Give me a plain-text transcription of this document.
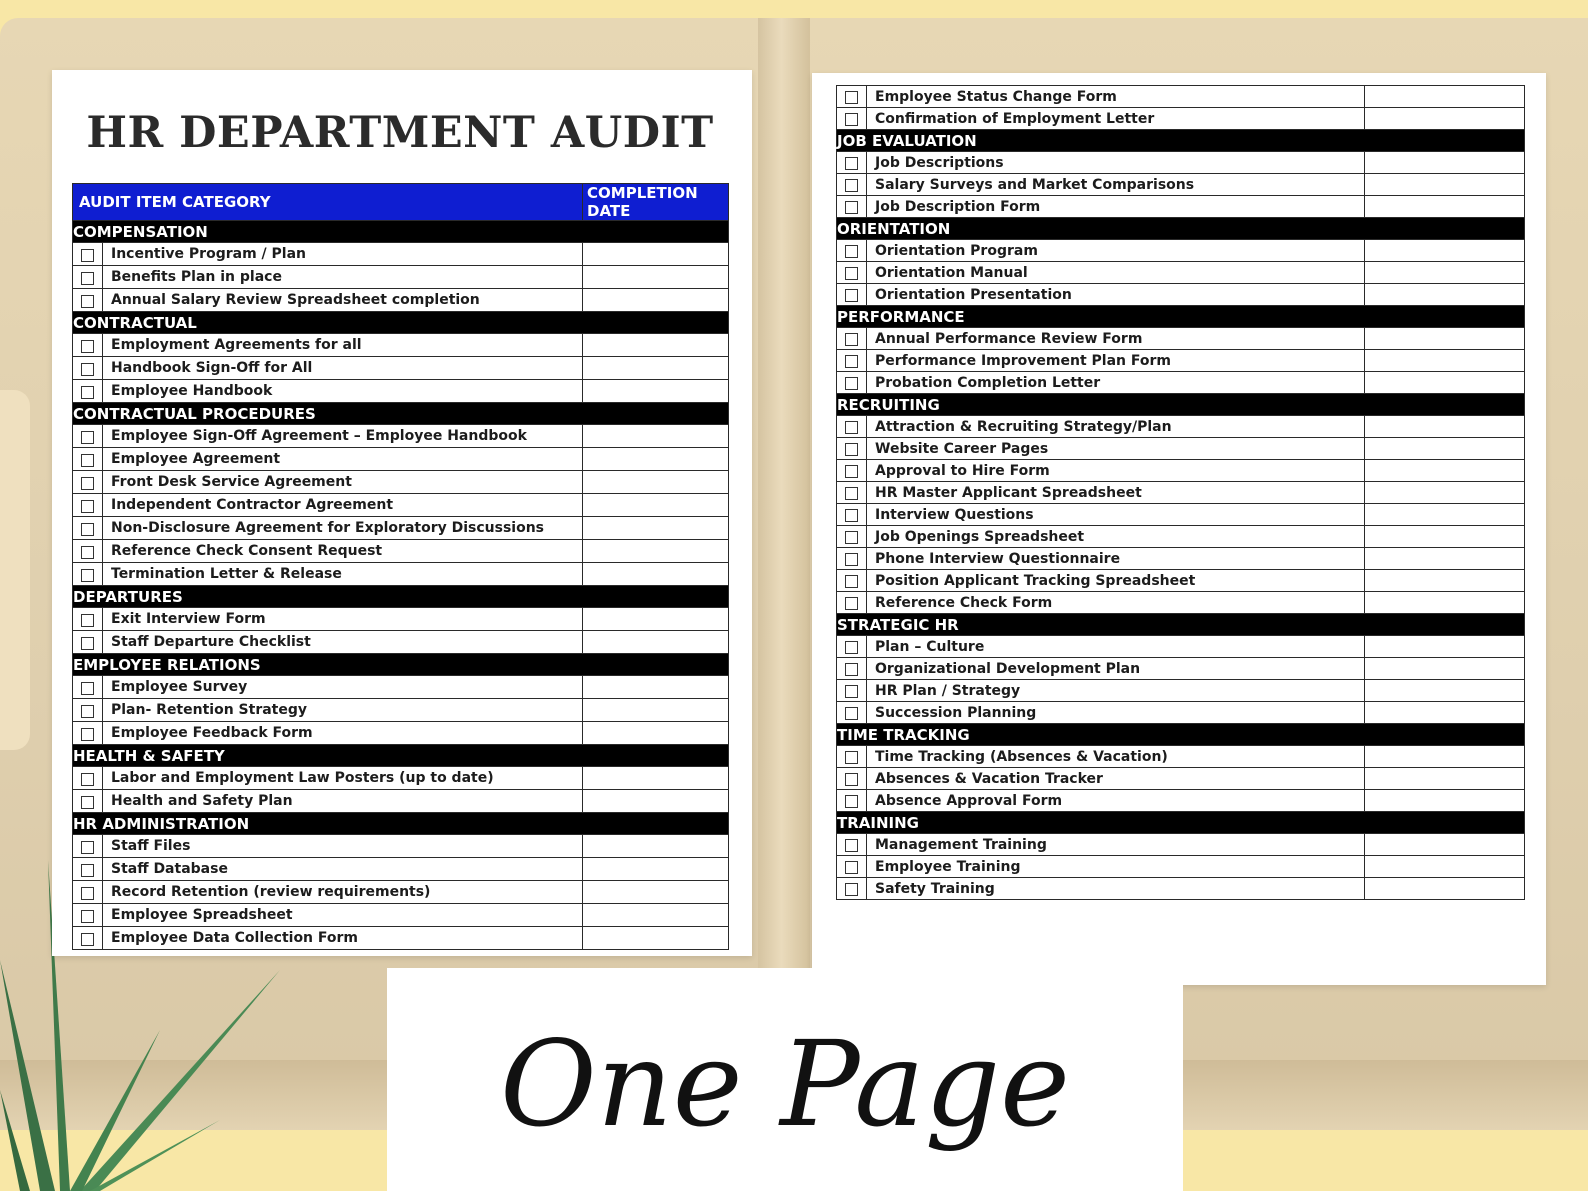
HR DEPARTMENT AUDIT
AUDIT ITEM CATEGORY		COMPLETION DATE
COMPENSATION		
	Incentive Program / Plan	
	Benefits Plan in place	
	Annual Salary Review Spreadsheet completion	
CONTRACTUAL		
	Employment Agreements for all	
	Handbook Sign-Off for All	
	Employee Handbook	
CONTRACTUAL PROCEDURES		
	Employee Sign-Off Agreement – Employee Handbook	
	Employee Agreement	
	Front Desk Service Agreement	
	Independent Contractor Agreement	
	Non-Disclosure Agreement for Exploratory Discussions	
	Reference Check Consent Request	
	Termination Letter & Release	
DEPARTURES		
	Exit Interview Form	
	Staff Departure Checklist	
EMPLOYEE RELATIONS		
	Employee Survey	
	Plan- Retention Strategy	
	Employee Feedback Form	
HEALTH & SAFETY		
	Labor and Employment Law Posters (up to date)	
	Health and Safety Plan	
HR ADMINISTRATION		
	Staff Files	
	Staff Database	
	Record Retention (review requirements)	
	Employee Spreadsheet	
	Employee Data Collection Form	
	Employee Status Change Form	
	Confirmation of Employment Letter	
JOB EVALUATION		
	Job Descriptions	
	Salary Surveys and Market Comparisons	
	Job Description Form	
ORIENTATION		
	Orientation Program	
	Orientation Manual	
	Orientation Presentation	
PERFORMANCE		
	Annual Performance Review Form	
	Performance Improvement Plan Form	
	Probation Completion Letter	
RECRUITING		
	Attraction & Recruiting Strategy/Plan	
	Website Career Pages	
	Approval to Hire Form	
	HR Master Applicant Spreadsheet	
	Interview Questions	
	Job Openings Spreadsheet	
	Phone Interview Questionnaire	
	Position Applicant Tracking Spreadsheet	
	Reference Check Form	
STRATEGIC HR		
	Plan – Culture	
	Organizational Development Plan	
	HR Plan / Strategy	
	Succession Planning	
TIME TRACKING		
	Time Tracking (Absences & Vacation)	
	Absences & Vacation Tracker	
	Absence Approval Form	
TRAINING		
	Management Training	
	Employee Training	
	Safety Training	
One Page
